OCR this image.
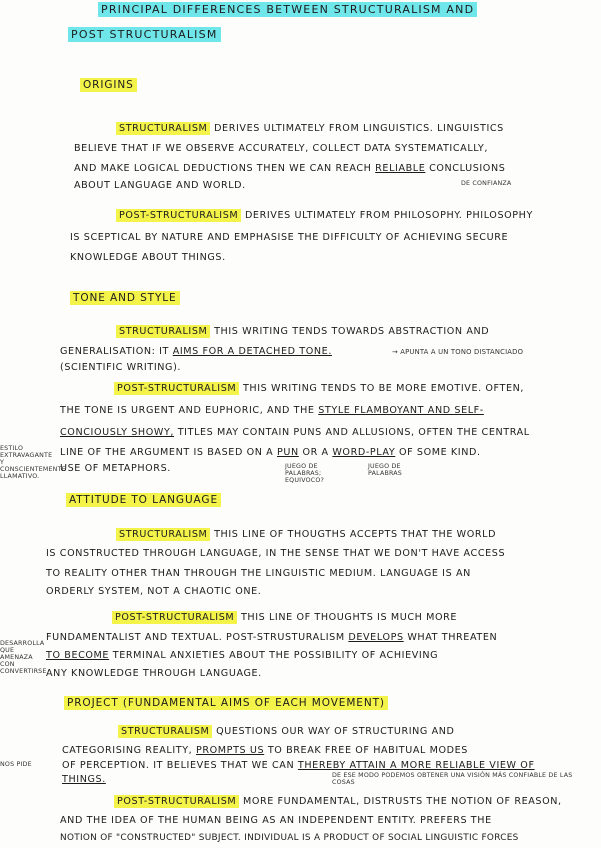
PRINCIPAL DIFFERENCES BETWEEN STRUCTURALISM AND
POST STRUCTURALISM
ORIGINS
STRUCTURALISM DERIVES ULTIMATELY FROM LINGUISTICS. LINGUISTICS
BELIEVE THAT IF WE OBSERVE ACCURATELY, COLLECT DATA SYSTEMATICALLY,
AND MAKE LOGICAL DEDUCTIONS THEN WE CAN REACH RELIABLE CONCLUSIONS
DE CONFIANZA
ABOUT LANGUAGE AND WORLD.
POST-STRUCTURALISM DERIVES ULTIMATELY FROM PHILOSOPHY. PHILOSOPHY
IS SCEPTICAL BY NATURE AND EMPHASISE THE DIFFICULTY OF ACHIEVING SECURE
KNOWLEDGE ABOUT THINGS.
TONE AND STYLE
STRUCTURALISM THIS WRITING TENDS TOWARDS ABSTRACTION AND
GENERALISATION: IT AIMS FOR A DETACHED TONE.	→ APUNTA A UN TONO DISTANCIADO
(SCIENTIFIC WRITING).
POST-STRUCTURALISM THIS WRITING TENDS TO BE MORE EMOTIVE. OFTEN,
THE TONE IS URGENT AND EUPHORIC, AND THE STYLE FLAMBOYANT AND SELF-
CONCIOUSLY SHOWY, TITLES MAY CONTAIN PUNS AND ALLUSIONS, OFTEN THE CENTRAL
ESTILO EXTRAVAGANTE Y CONSCIENTEMENTE LLAMATIVO.
LINE OF THE ARGUMENT IS BASED ON A PUN OR A WORD-PLAY OF SOME KIND.
USE OF METAPHORS.	JUEGO DE PALABRAS; EQUIVOCO?
JUEGO DE PALABRAS
ATTITUDE TO LANGUAGE
STRUCTURALISM THIS LINE OF THOUGTHS ACCEPTS THAT THE WORLD
IS CONSTRUCTED THROUGH LANGUAGE, IN THE SENSE THAT WE DON'T HAVE ACCESS
TO REALITY OTHER THAN THROUGH THE LINGUISTIC MEDIUM. LANGUAGE IS AN
ORDERLY SYSTEM, NOT A CHAOTIC ONE.
POST-STRUCTURALISM THIS LINE OF THOUGHTS IS MUCH MORE
FUNDAMENTALIST AND TEXTUAL. POST-STRUSTURALISM DEVELOPS WHAT THREATEN
DESARROLLA QUE AMENAZA CON CONVERTIRSE
TO BECOME TERMINAL ANXIETIES ABOUT THE POSSIBILITY OF ACHIEVING
ANY KNOWLEDGE THROUGH LANGUAGE.
PROJECT (FUNDAMENTAL AIMS OF EACH MOVEMENT)
STRUCTURALISM QUESTIONS OUR WAY OF STRUCTURING AND
CATEGORISING REALITY, PROMPTS US TO BREAK FREE OF HABITUAL MODES
NOS PIDE	OF PERCEPTION. IT BELIEVES THAT WE CAN THEREBY ATTAIN A MORE RELIABLE VIEW OF
THINGS.	DE ESE MODO PODEMOS OBTENER UNA VISIÓN MÁS CONFIABLE DE LAS COSAS
POST-STRUCTURALISM MORE FUNDAMENTAL, DISTRUSTS THE NOTION OF REASON,
AND THE IDEA OF THE HUMAN BEING AS AN INDEPENDENT ENTITY. PREFERS THE
NOTION OF "CONSTRUCTED" SUBJECT. INDIVIDUAL IS A PRODUCT OF SOCIAL LINGUISTIC FORCES
